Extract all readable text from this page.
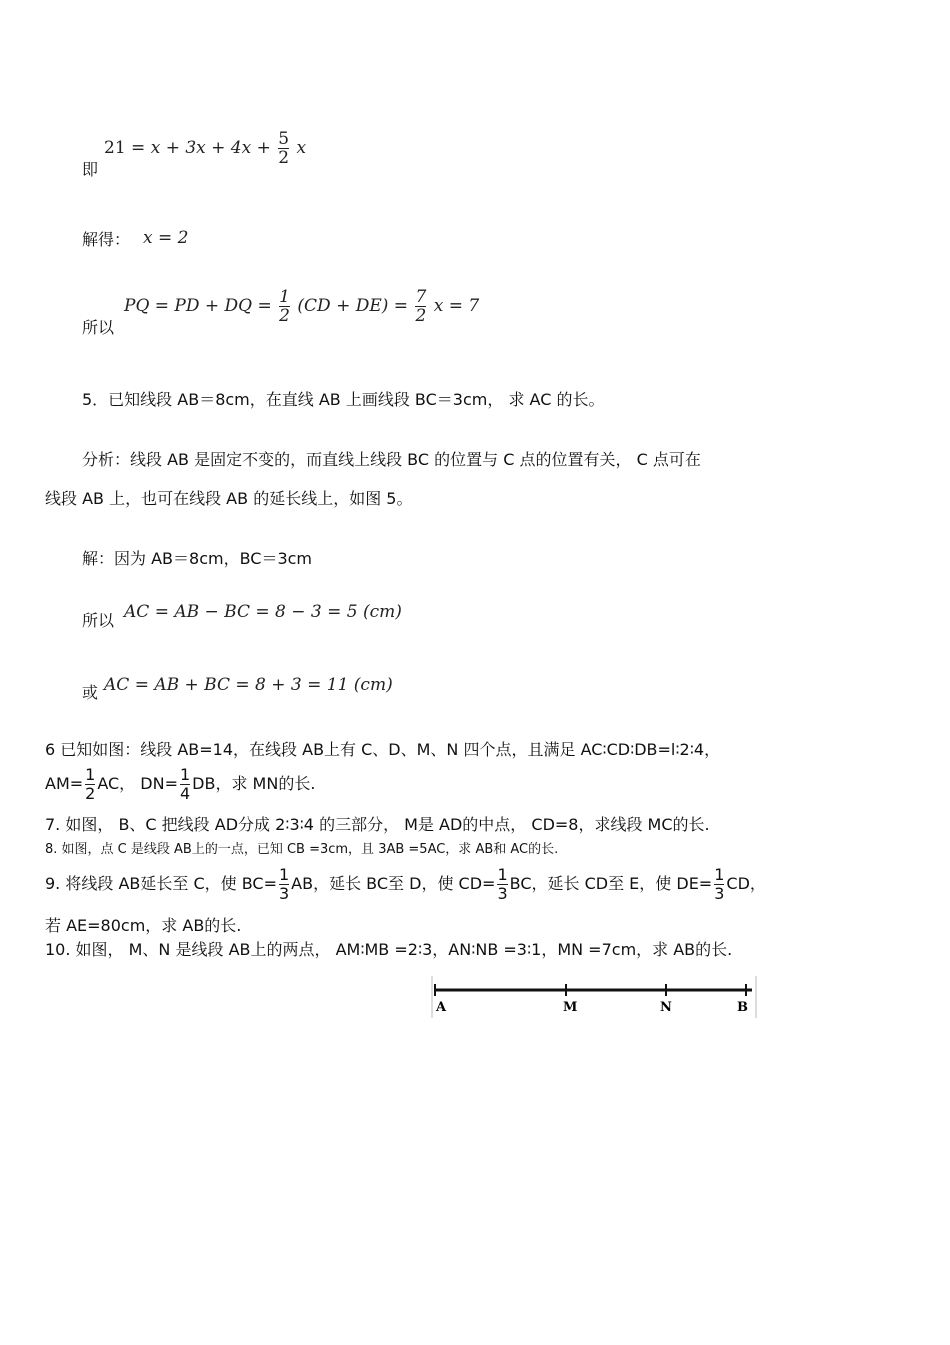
即
$21 = x + 3x + 4x + \frac{5}{2}$ x
解得： x = 2
所以
PQ = PD + DQ = $\frac{1}{2} (CD + DE) = \frac{7}{2}$ x = 7
5．已知线段 AB＝8cm，在直线 AB 上画线段 BC＝3cm， 求 AC 的长。
分析：线段 AB 是固定不变的，而直线上线段 BC 的位置与 C 点的位置有关， C 点可在
线段 AB 上，也可在线段 AB 的延长线上，如图 5。
解：因为 AB＝8cm，BC＝3cm
所以 AC = AB − BC = 8 − 3 = 5 (cm)
或 AC = AB + BC = 8 + 3 = 11 (cm)
6 已知如图：线段 AB=14，在线段 AB上有 C、D、M、N 四个点，且满足 AC∶CD∶DB=l∶2∶4，
$AM= \frac{1}{2}$ AC， $DN= \frac{1}{4}$ DB，求 MN的长.
7. 如图， B、C 把线段 AD分成 2∶3∶4 的三部分， M是 AD的中点， CD=8，求线段 MC的长.
8. 如图，点 C 是线段 AB上的一点，已知 CB =3cm，且 3AB =5AC，求 AB和 AC的长.
9. 将线段 AB延长至 C，使 $BC= \frac{1}{3}$ AB，延长 BC至 D，使 $CD= \frac{1}{3}$ BC，延长 CD至 E，使 $DE= \frac{1}{3}$ CD，
若 AE=80cm，求 AB的长.
10. 如图， M、N 是线段 AB上的两点， AM∶MB =2∶3，AN∶NB =3∶1，MN =7cm，求 AB的长.
A	M	N	B
